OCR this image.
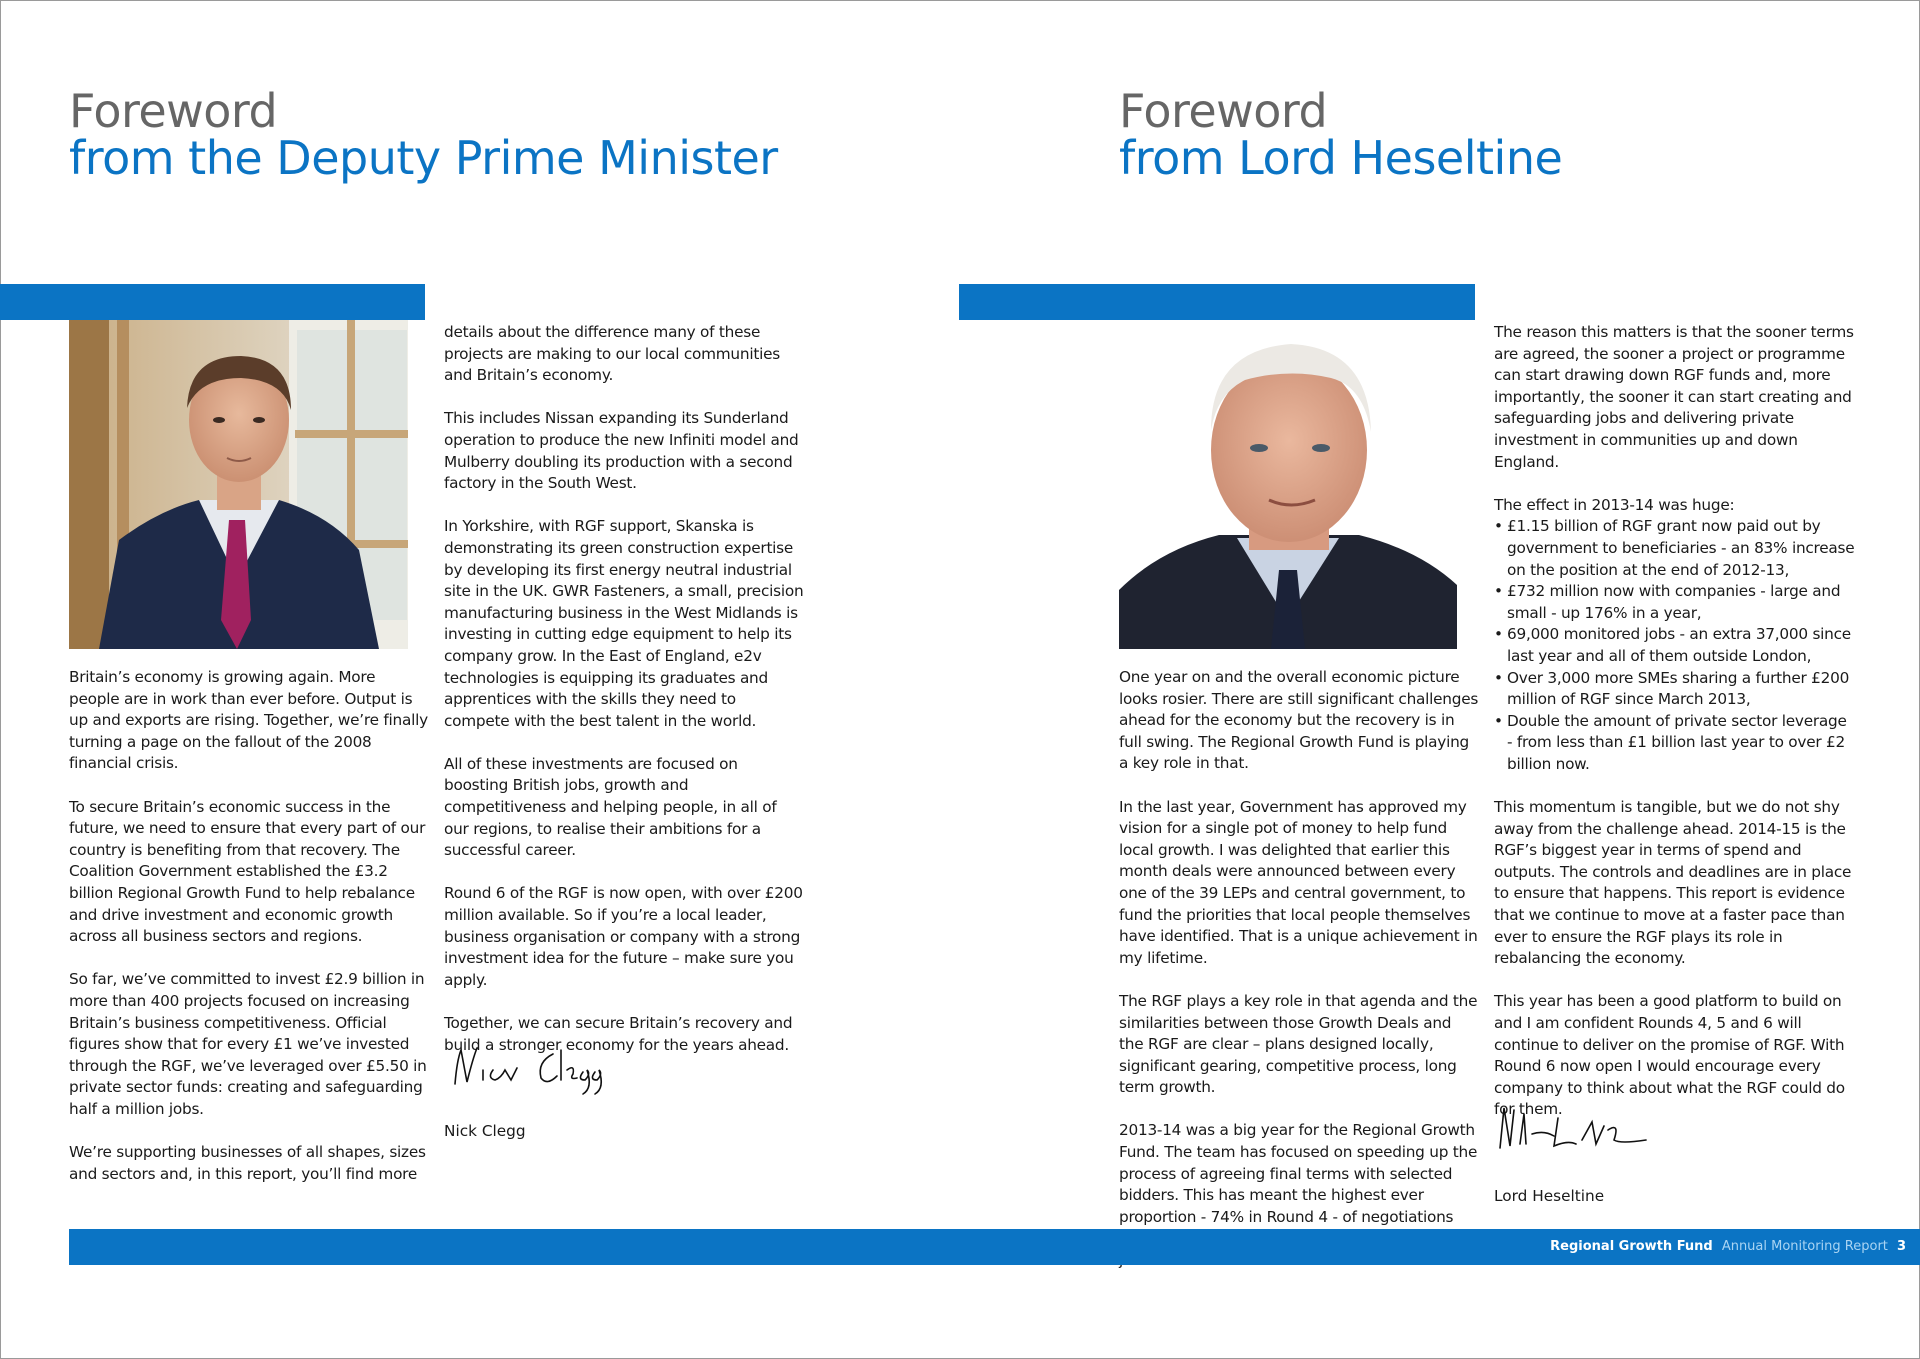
Foreword
from the Deputy Prime Minister

Britain’s economy is growing again. More people are in work than ever before. Output is up and exports are rising. Together, we’re finally turning a page on the fallout of the 2008 financial crisis.

To secure Britain’s economic success in the future, we need to ensure that every part of our country is benefiting from that recovery. The Coalition Government established the £3.2 billion Regional Growth Fund to help rebalance and drive investment and economic growth across all business sectors and regions.

So far, we’ve committed to invest £2.9 billion in more than 400 projects focused on increasing Britain’s business competitiveness. Official figures show that for every £1 we’ve invested through the RGF, we’ve leveraged over £5.50 in private sector funds: creating and safeguarding half a million jobs.

We’re supporting businesses of all shapes, sizes and sectors and, in this report, you’ll find more

details about the difference many of these projects are making to our local communities and Britain’s economy.

This includes Nissan expanding its Sunderland operation to produce the new Infiniti model and Mulberry doubling its production with a second factory in the South West.

In Yorkshire, with RGF support, Skanska is demonstrating its green construction expertise by developing its first energy neutral industrial site in the UK. GWR Fasteners, a small, precision manufacturing business in the West Midlands is investing in cutting edge equipment to help its company grow. In the East of England, e2v technologies is equipping its graduates and apprentices with the skills they need to compete with the best talent in the world.

All of these investments are focused on boosting British jobs, growth and competitiveness and helping people, in all of our regions, to realise their ambitions for a successful career.

Round 6 of the RGF is now open, with over £200 million available. So if you’re a local leader, business organisation or company with a strong investment idea for the future – make sure you apply.

Together, we can secure Britain’s recovery and build a stronger economy for the years ahead.

Nick Clegg
Foreword
from Lord Heseltine

One year on and the overall economic picture looks rosier. There are still significant challenges ahead for the economy but the recovery is in full swing. The Regional Growth Fund is playing a key role in that.

In the last year, Government has approved my vision for a single pot of money to help fund local growth. I was delighted that earlier this month deals were announced between every one of the 39 LEPs and central government, to fund the priorities that local people themselves have identified. That is a unique achievement in my lifetime.

The RGF plays a key role in that agenda and the similarities between those Growth Deals and the RGF are clear – plans designed locally, significant gearing, competitive process, long term growth.

2013-14 was a big year for the Regional Growth Fund. The team has focused on speeding up the process of agreeing final terms with selected bidders. This has meant the highest ever proportion - 74% in Round 4 - of negotiations

The reason this matters is that the sooner terms are agreed, the sooner a project or programme can start drawing down RGF funds and, more importantly, the sooner it can start creating and safeguarding jobs and delivering private investment in communities up and down England.

The effect in 2013-14 was huge:
• £1.15 billion of RGF grant now paid out by government to beneficiaries - an 83% increase on the position at the end of 2012-13,
• £732 million now with companies - large and small - up 176% in a year,
• 69,000 monitored jobs - an extra 37,000 since last year and all of them outside London,
• Over 3,000 more SMEs sharing a further £200 million of RGF since March 2013,
• Double the amount of private sector leverage - from less than £1 billion last year to over £2 billion now.

This momentum is tangible, but we do not shy away from the challenge ahead. 2014-15 is the RGF’s biggest year in terms of spend and outputs. The controls and deadlines are in place to ensure that happens. This report is evidence that we continue to move at a faster pace than ever to ensure the RGF plays its role in rebalancing the economy.

This year has been a good platform to build on and I am confident Rounds 4, 5 and 6 will continue to deliver on the promise of RGF. With Round 6 now open I would encourage every company to think about what the RGF could do for them.

Lord Heseltine
Regional Growth Fund Annual Monitoring Report 3
